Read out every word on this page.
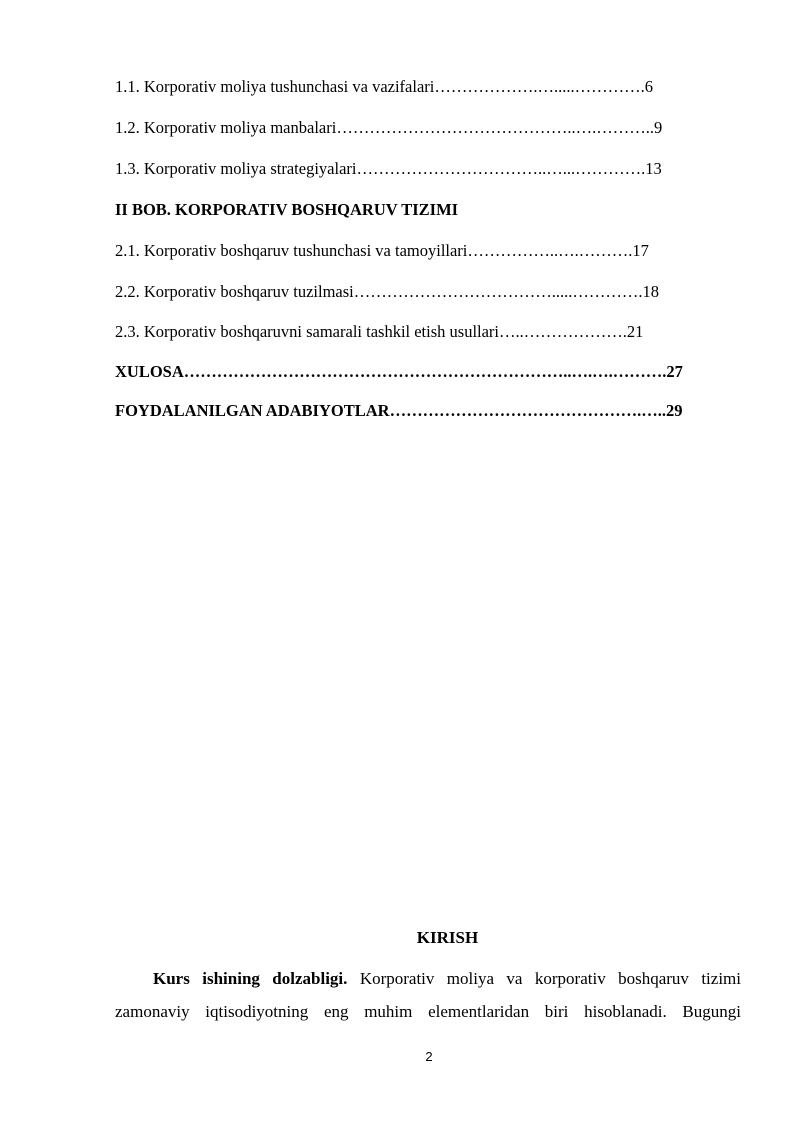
1.1. Korporativ moliya tushunchasi va vazifalari……………….….....………….6
1.2. Korporativ moliya manbalari……………………………………..….………..9
1.3. Korporativ moliya strategiyalari……………………………..…...………….13
II BOB. KORPORATIV BOSHQARUV TIZIMI
2.1. Korporativ boshqaruv tushunchasi va tamoyillari……………..….……….17
2.2. Korporativ boshqaruv tuzilmasi……………………………….....………….18
2.3. Korporativ boshqaruvni samarali tashkil etish usullari…..……………….21
XULOSA……………………………………………………………..….….……….27
FOYDALANILGAN ADABIYOTLAR……………………………………….…..29
KIRISH
Kurs ishining dolzabligi. Korporativ moliya va korporativ boshqaruv tizimi
zamonaviy iqtisodiyotning eng muhim elementlaridan biri hisoblanadi. Bugungi
2
